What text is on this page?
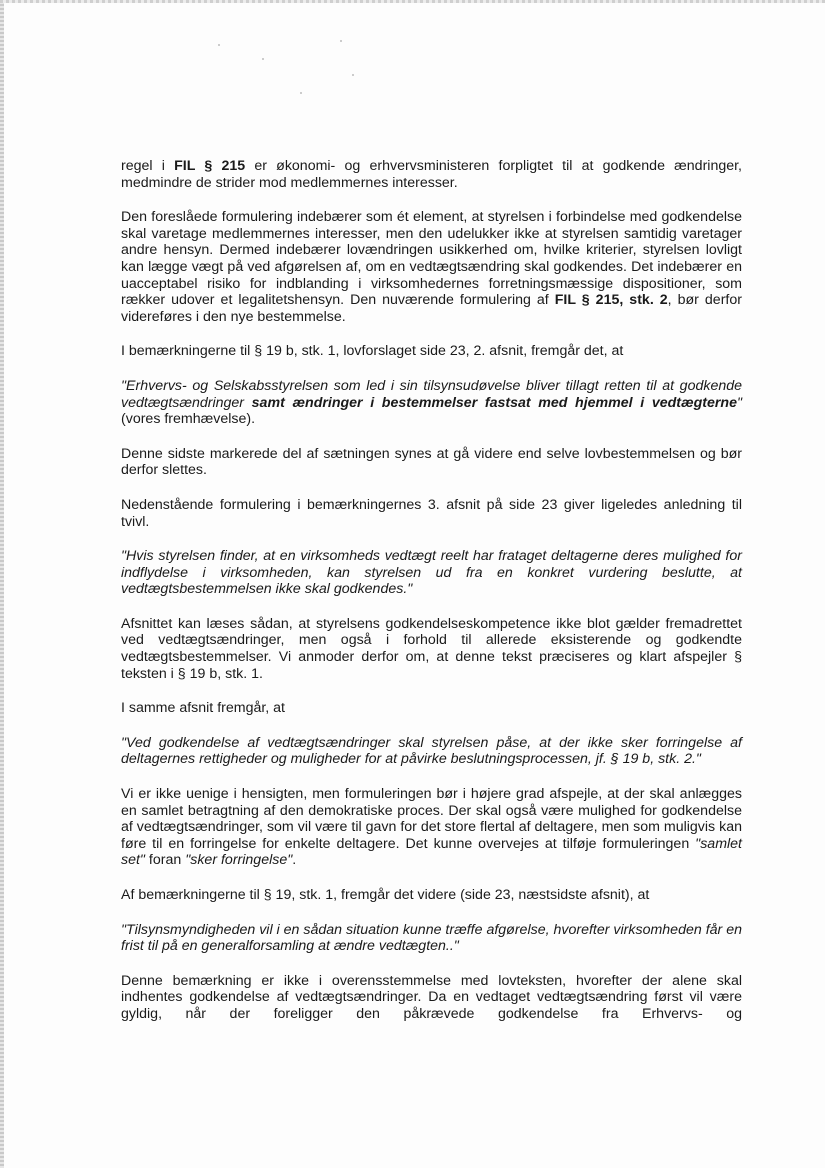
regel i FIL § 215 er økonomi- og erhvervsministeren forpligtet til at godkende ændringer, medmindre de strider mod medlemmernes interesser.

Den foreslåede formulering indebærer som ét element, at styrelsen i forbindelse med godkendelse skal varetage medlemmernes interesser, men den udelukker ikke at styrelsen samtidig varetager andre hensyn. Dermed indebærer lovændringen usikkerhed om, hvilke kriterier, styrelsen lovligt kan lægge vægt på ved afgørelsen af, om en vedtægtsændring skal godkendes. Det indebærer en uacceptabel risiko for indblanding i virksomhedernes forretningsmæssige dispositioner, som rækker udover et legalitetshensyn. Den nuværende formulering af FIL § 215, stk. 2, bør derfor videreføres i den nye bestemmelse.

I bemærkningerne til § 19 b, stk. 1, lovforslaget side 23, 2. afsnit, fremgår det, at

"Erhvervs- og Selskabsstyrelsen som led i sin tilsynsudøvelse bliver tillagt retten til at godkende vedtægtsændringer samt ændringer i bestemmelser fastsat med hjemmel i vedtægterne" (vores fremhævelse).

Denne sidste markerede del af sætningen synes at gå videre end selve lovbestemmelsen og bør derfor slettes.

Nedenstående formulering i bemærkningernes 3. afsnit på side 23 giver ligeledes anledning til tvivl.

"Hvis styrelsen finder, at en virksomheds vedtægt reelt har frataget deltagerne deres mulighed for indflydelse i virksomheden, kan styrelsen ud fra en konkret vurdering beslutte, at vedtægtsbestemmelsen ikke skal godkendes."

Afsnittet kan læses sådan, at styrelsens godkendelseskompetence ikke blot gælder fremadrettet ved vedtægtsændringer, men også i forhold til allerede eksisterende og godkendte vedtægtsbestemmelser. Vi anmoder derfor om, at denne tekst præciseres og klart afspejler § teksten i § 19 b, stk. 1.

I samme afsnit fremgår, at

"Ved godkendelse af vedtægtsændringer skal styrelsen påse, at der ikke sker forringelse af deltagernes rettigheder og muligheder for at påvirke beslutningsprocessen, jf. § 19 b, stk. 2."

Vi er ikke uenige i hensigten, men formuleringen bør i højere grad afspejle, at der skal anlægges en samlet betragtning af den demokratiske proces. Der skal også være mulighed for godkendelse af vedtægtsændringer, som vil være til gavn for det store flertal af deltagere, men som muligvis kan føre til en forringelse for enkelte deltagere. Det kunne overvejes at tilføje formuleringen "samlet set" foran "sker forringelse".

Af bemærkningerne til § 19, stk. 1, fremgår det videre (side 23, næstsidste afsnit), at

"Tilsynsmyndigheden vil i en sådan situation kunne træffe afgørelse, hvorefter virksomheden får en frist til på en generalforsamling at ændre vedtægten.."

Denne bemærkning er ikke i overensstemmelse med lovteksten, hvorefter der alene skal indhentes godkendelse af vedtægtsændringer. Da en vedtaget vedtægtsændring først vil være gyldig, når der foreligger den påkrævede godkendelse fra Erhvervs- og
